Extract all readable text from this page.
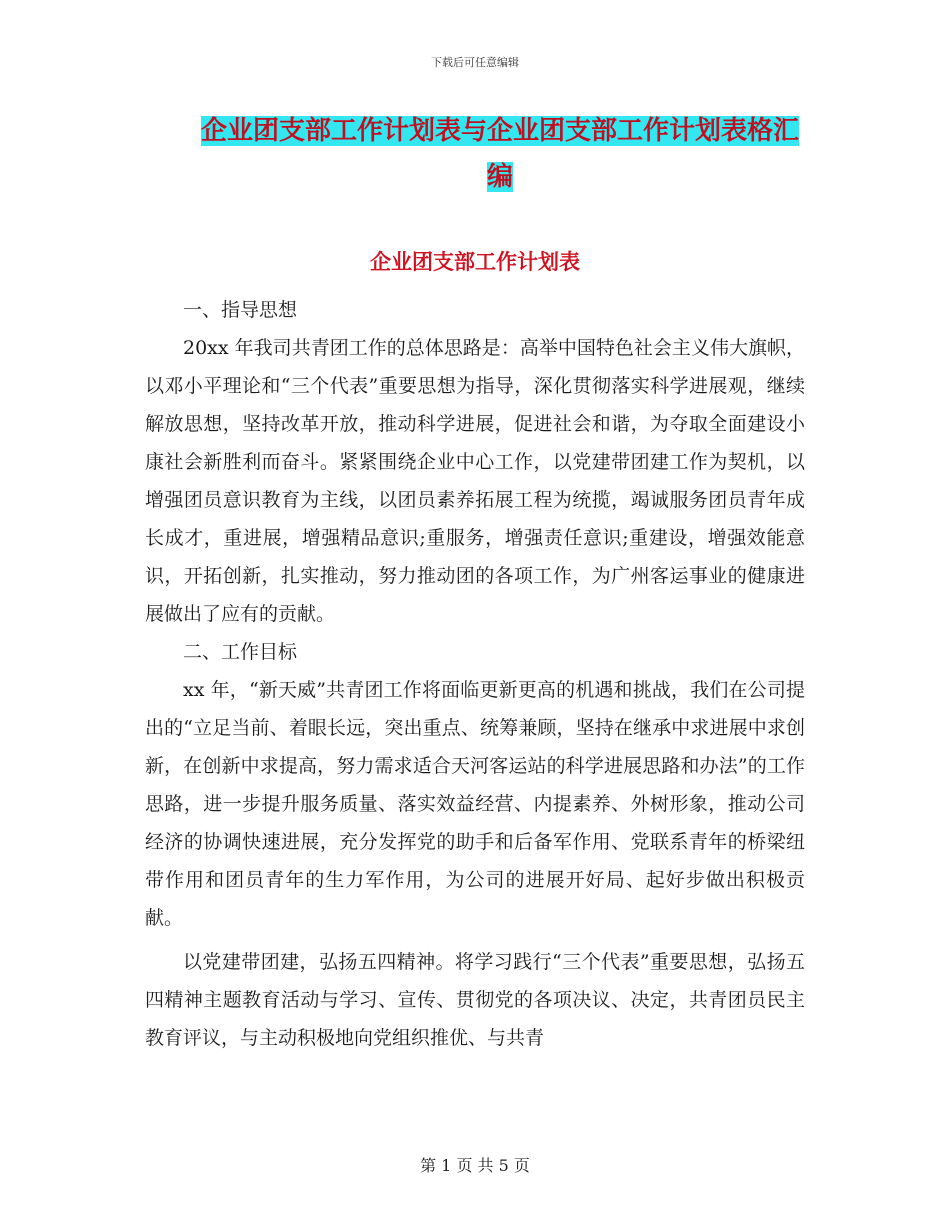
下载后可任意编辑
企业团支部工作计划表与企业团支部工作计划表格汇编
企业团支部工作计划表

一、指导思想

20xx 年我司共青团工作的总体思路是：高举中国特色社会主义伟大旗帜，以邓小平理论和“三个代表”重要思想为指导，深化贯彻落实科学进展观，继续解放思想，坚持改革开放，推动科学进展，促进社会和谐，为夺取全面建设小康社会新胜利而奋斗。紧紧围绕企业中心工作，以党建带团建工作为契机，以增强团员意识教育为主线，以团员素养拓展工程为统揽，竭诚服务团员青年成长成才，重进展，增强精品意识;重服务，增强责任意识;重建设，增强效能意识，开拓创新，扎实推动，努力推动团的各项工作，为广州客运事业的健康进展做出了应有的贡献。

二、工作目标

xx 年，“新天威”共青团工作将面临更新更高的机遇和挑战，我们在公司提出的“立足当前、着眼长远，突出重点、统筹兼顾，坚持在继承中求进展中求创新，在创新中求提高，努力需求适合天河客运站的科学进展思路和办法”的工作思路，进一步提升服务质量、落实效益经营、内提素养、外树形象，推动公司经济的协调快速进展，充分发挥党的助手和后备军作用、党联系青年的桥梁纽带作用和团员青年的生力军作用，为公司的进展开好局、起好步做出积极贡献。

以党建带团建，弘扬五四精神。将学习践行“三个代表”重要思想，弘扬五四精神主题教育活动与学习、宣传、贯彻党的各项决议、决定，共青团员民主教育评议，与主动积极地向党组织推优、与共青

第 1 页 共 5 页
